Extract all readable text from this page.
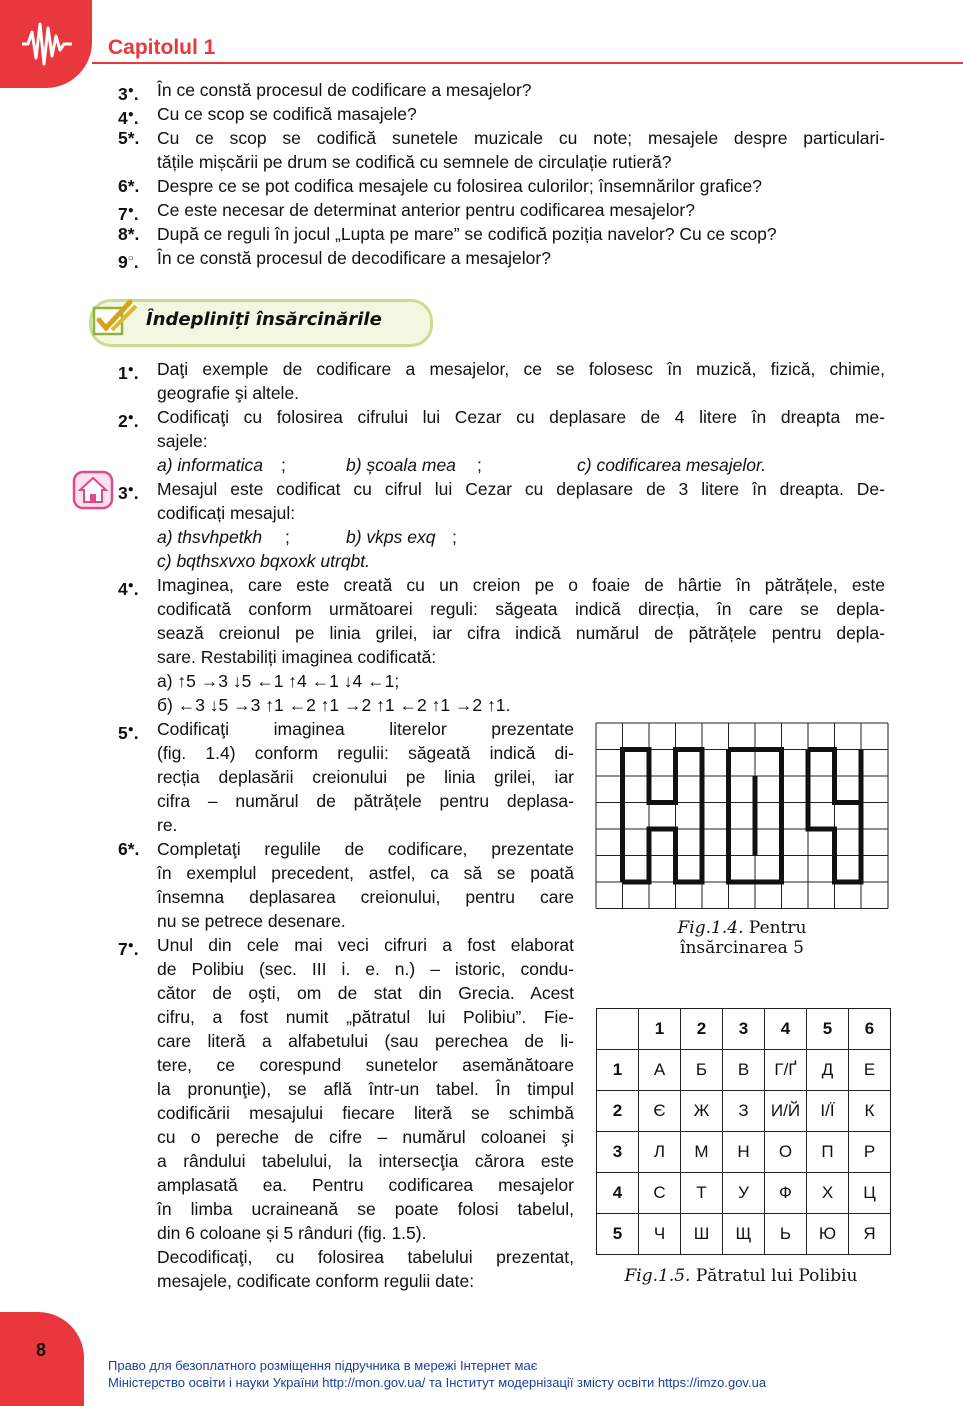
Capitolul 1
3●. În ce constă procesul de codificare a mesajelor?
4●. Cu ce scop se codifică masajele?
5*. Cu ce scop se codifică sunetele muzicale cu note; mesajele despre particulari-
tățile mișcării pe drum se codifică cu semnele de circulație rutieră?
6*. Despre ce se pot codifica mesajele cu folosirea culorilor; însemnărilor grafice?
7●. Ce este necesar de determinat anterior pentru codificarea mesajelor?
8*. După ce reguli în jocul „Lupta pe mare” se codifică poziția navelor? Cu ce scop?
9○. În ce constă procesul de decodificare a mesajelor?
Îndepliniți însărcinările
1●. Daţi exemple de codificare a mesajelor, ce se folosesc în muzică, fizică, chimie,
geografie şi altele.
2●. Codificaţi cu folosirea cifrului lui Cezar cu deplasare de 4 litere în dreapta me-
sajele:
a) informatica ;	b) școala mea ;	c) codificarea mesajelor.
3●. Mesajul este codificat cu cifrul lui Cezar cu deplasare de 3 litere în dreapta. De-
codificați mesajul:
a) thsvhpetkh ;	b) vkps exq ;
c) bqthsxvxo bqxoxk utrqbt.
4●. Imaginea, care este creată cu un creion pe o foaie de hârtie în pătrățele, este
codificată conform următoarei reguli: săgeata indică direcția, în care se depla-
sează creionul pe linia grilei, iar cifra indică numărul de pătrățele pentru depla-
sare. Restabiliți imaginea codificată:
a) ↑5 →3 ↓5 ←1 ↑4 ←1 ↓4 ←1;
б) ←3 ↓5 →3 ↑1 ←2 ↑1 →2 ↑1 ←2 ↑1 →2 ↑1.
5●. Codificaţi imaginea literelor prezentate
(fig. 1.4) conform regulii: săgeată indică di-
recția deplasării creionului pe linia grilei, iar
cifra – numărul de pătrățele pentru deplasa-
re.
6*. Completaţi regulile de codificare, prezentate
în exemplul precedent, astfel, ca să se poată
însemna deplasarea creionului, pentru care
nu se petrece desenare.
7●. Unul din cele mai veci cifruri a fost elaborat
de Polibiu (sec. III i. e. n.) – istoric, condu-
cător de oşti, om de stat din Grecia. Acest
cifru, a fost numit „pătratul lui Polibiu”. Fie-
care literă a alfabetului (sau perechea de li-
tere, ce corespund sunetelor asemănătoare
la pronunţie), se află într-un tabel. În timpul
codificării mesajului fiecare literă se schimbă
cu o pereche de cifre – numărul coloanei şi
a rândului tabelului, la intersecţia cărora este
amplasată ea. Pentru codificarea mesajelor
în limba ucraineană se poate folosi tabelul,
din 6 coloane și 5 rânduri (fig. 1.5).
Decodificaţi, cu folosirea tabelului prezentat,
mesajele, codificate conform regulii date:
Fig.1.4. Pentru
însărcinarea 5
	1	2	3	4	5	6
1	А	Б	В	Г/Ґ	Д	Е
2	Є	Ж	З	И/Й	І/Ї	К
3	Л	М	Н	О	П	Р
4	С	Т	У	Ф	Х	Ц
5	Ч	Ш	Щ	Ь	Ю	Я
Fig.1.5. Pătratul lui Polibiu
8
Право для безоплатного розміщення підручника в мережі Інтернет має
Міністерство освіти і науки України http://mon.gov.ua/ та Інститут модернізації змісту освіти https://imzo.gov.ua
